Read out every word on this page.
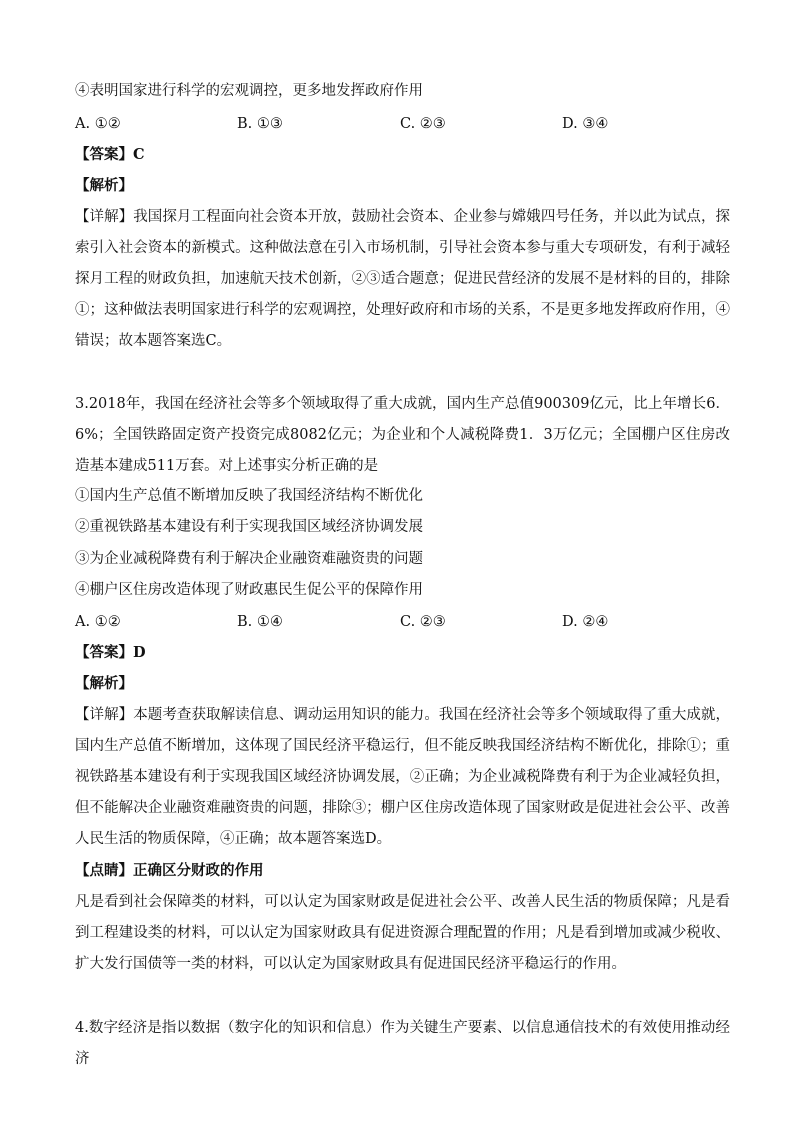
④表明国家进行科学的宏观调控，更多地发挥政府作用
A. ①②	B. ①③	C. ②③	D. ③④
【答案】C
【解析】
【详解】我国探月工程面向社会资本开放，鼓励社会资本、企业参与嫦娥四号任务，并以此为试点，探索引入社会资本的新模式。这种做法意在引入市场机制，引导社会资本参与重大专项研发，有利于减轻探月工程的财政负担，加速航天技术创新，②③适合题意；促进民营经济的发展不是材料的目的，排除①；这种做法表明国家进行科学的宏观调控，处理好政府和市场的关系，不是更多地发挥政府作用，④错误；故本题答案选C。
3.2018年，我国在经济社会等多个领域取得了重大成就，国内生产总值900309亿元，比上年增长6．6%；全国铁路固定资产投资完成8082亿元；为企业和个人减税降费1．3万亿元；全国棚户区住房改造基本建成511万套。对上述事实分析正确的是
①国内生产总值不断增加反映了我国经济结构不断优化
②重视铁路基本建设有利于实现我国区域经济协调发展
③为企业减税降费有利于解决企业融资难融资贵的问题
④棚户区住房改造体现了财政惠民生促公平的保障作用
A. ①②	B. ①④	C. ②③	D. ②④
【答案】D
【解析】
【详解】本题考查获取解读信息、调动运用知识的能力。我国在经济社会等多个领域取得了重大成就，国内生产总值不断增加，这体现了国民经济平稳运行，但不能反映我国经济结构不断优化，排除①；重视铁路基本建设有利于实现我国区域经济协调发展，②正确；为企业减税降费有利于为企业减轻负担，但不能解决企业融资难融资贵的问题，排除③；棚户区住房改造体现了国家财政是促进社会公平、改善人民生活的物质保障，④正确；故本题答案选D。
【点睛】正确区分财政的作用
凡是看到社会保障类的材料，可以认定为国家财政是促进社会公平、改善人民生活的物质保障；凡是看到工程建设类的材料，可以认定为国家财政具有促进资源合理配置的作用；凡是看到增加或减少税收、扩大发行国债等一类的材料，可以认定为国家财政具有促进国民经济平稳运行的作用。
4.数字经济是指以数据（数字化的知识和信息）作为关键生产要素、以信息通信技术的有效使用推动经济
